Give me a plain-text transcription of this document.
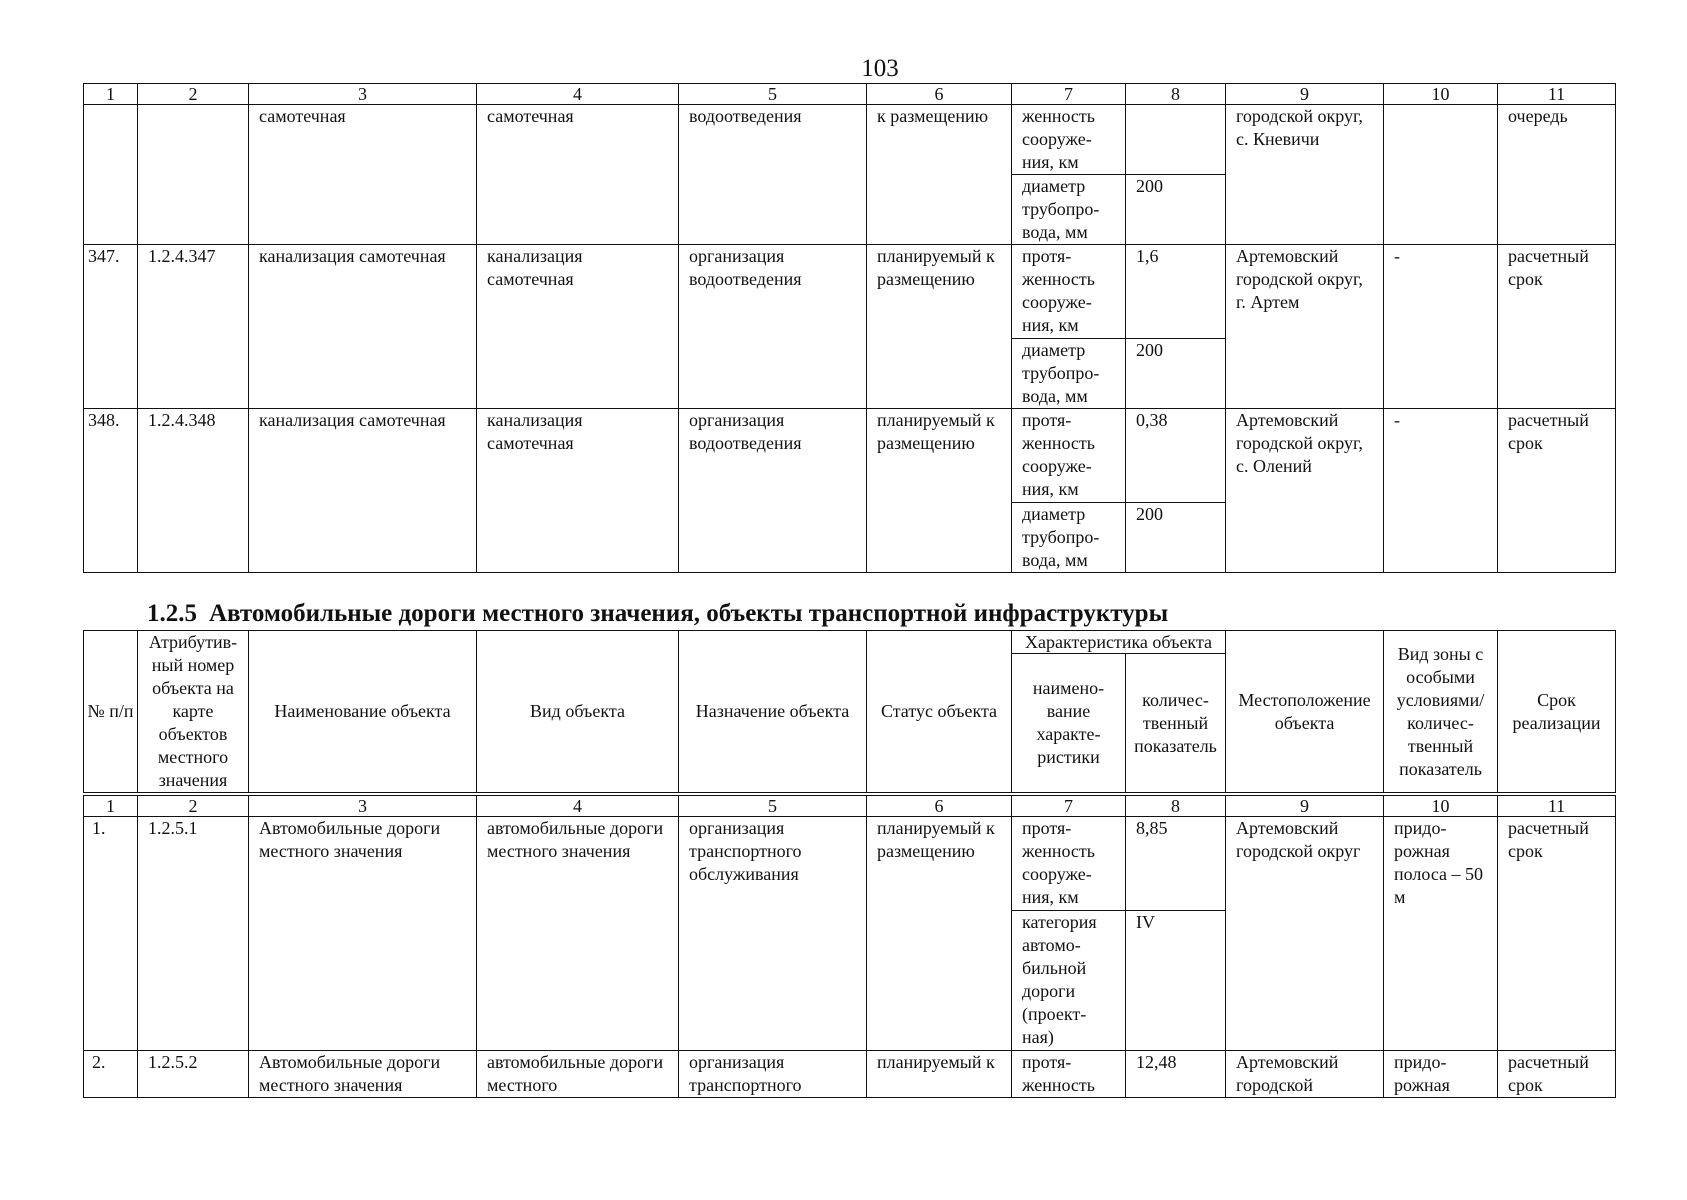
103
1	2	3	4	5	6	7	8	9	10	11
		самотечная	самотечная	водоотведения	к размещению	женность сооруже-ния, км		городской округ, с. Кневичи		очередь
						диаметр трубопро-вода, мм	200			
347.	1.2.4.347	канализация самотечная	канализация самотечная	организация водоотведения	планируемый к размещению	протя-женность сооруже-ния, км	1,6	Артемовский городской округ, г. Артем	-	расчетный срок
						диаметр трубопро-вода, мм	200			
348.	1.2.4.348	канализация самотечная	канализация самотечная	организация водоотведения	планируемый к размещению	протя-женность сооруже-ния, км	0,38	Артемовский городской округ, с. Олений	-	расчетный срок
						диаметр трубопро-вода, мм	200			
1.2.5 Автомобильные дороги местного значения, объекты транспортной инфраструктуры
№ п/п	Атрибутив-ный номер объекта на карте объектов местного значения	Наименование объекта	Вид объекта	Назначение объекта	Статус объекта	Характеристика объекта		Местоположение объекта	Вид зоны с особыми условиями/ количес-твенный показатель	Срок реализации
						наимено-вание характе-ристики	количес-твенный показатель			
1	2	3	4	5	6	7	8	9	10	11
1.	1.2.5.1	Автомобильные дороги местного значения	автомобильные дороги местного значения	организация транспортного обслуживания	планируемый к размещению	протя-женность сооруже-ния, км	8,85	Артемовский городской округ	придо-рожная полоса – 50 м	расчетный срок
						категория автомо-бильной дороги (проект-ная)	IV			
2.	1.2.5.2	Автомобильные дороги местного значения	автомобильные дороги местного	организация транспортного	планируемый к	протя-женность	12,48	Артемовский городской	придо-рожная	расчетный срок
